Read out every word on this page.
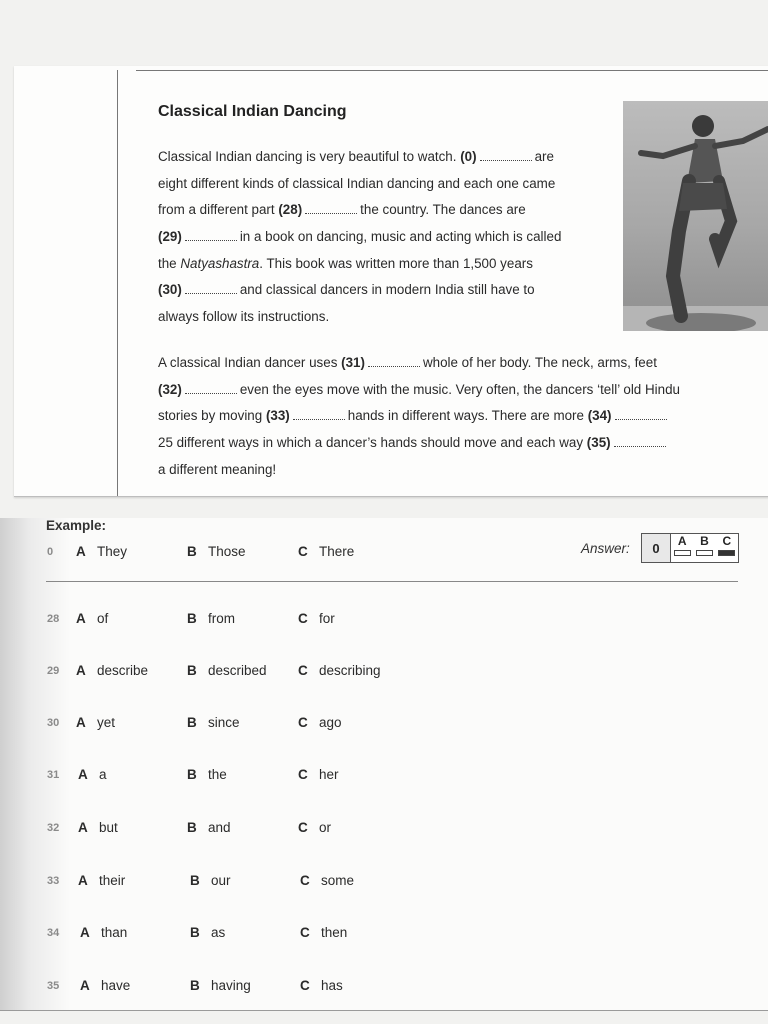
Classical Indian Dancing
Classical Indian dancing is very beautiful to watch. (0)	are
eight different kinds of classical Indian dancing and each one came
from a different part (28)	the country. The dances are
(29)	in a book on dancing, music and acting which is called
the Natyashastra. This book was written more than 1,500 years
(30)	and classical dancers in modern India still have to
always follow its instructions.
A classical Indian dancer uses (31)	whole of her body. The neck, arms, feet
(32)	even the eyes move with the music. Very often, the dancers ‘tell’ old Hindu
stories by moving (33)	hands in different ways. There are more (34)
25 different ways in which a dancer’s hands should move and each way (35)
a different meaning!
Example:
0 A They	B Those	C There	Answer:	0	A	B	C
28 A of	B from	C for
29 A describe	B described C describing
30 A yet	B since	C ago
31 A a	B the	C her
32 A but	B and	C or
33 A their	B our	C some
34 A than	B as	C then
35 A have	B having	C has
